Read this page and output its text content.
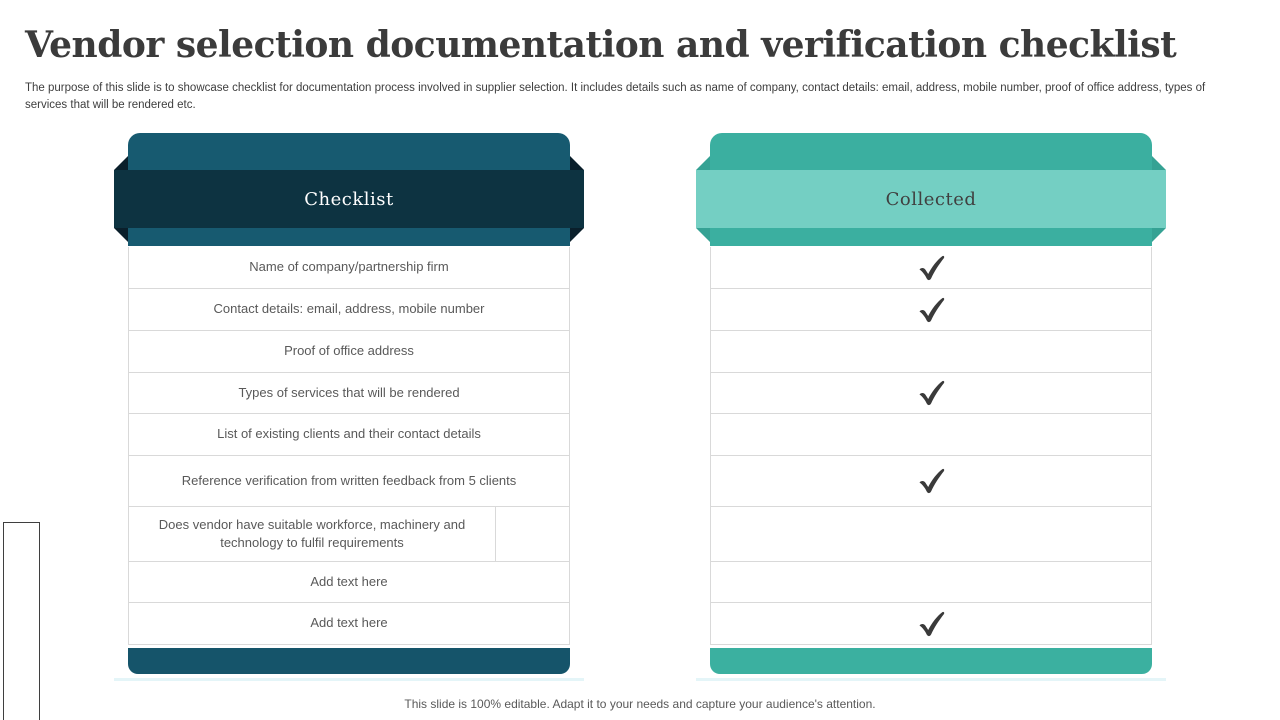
Vendor selection documentation and verification checklist
The purpose of this slide is to showcase checklist for documentation process involved in supplier selection. It includes details such as name of company, contact details: email, address, mobile number, proof of office address, types of services that will be rendered etc.
Checklist
Name of company/partnership firm
Contact details: email, address, mobile number
Proof of office address
Types of services that will be rendered
List of existing clients and their contact details
Reference verification from written feedback from 5 clients
Does vendor have suitable workforce, machinery and technology to fulfil requirements
Add text here
Add text here
Collected
This slide is 100% editable. Adapt it to your needs and capture your audience's attention.
